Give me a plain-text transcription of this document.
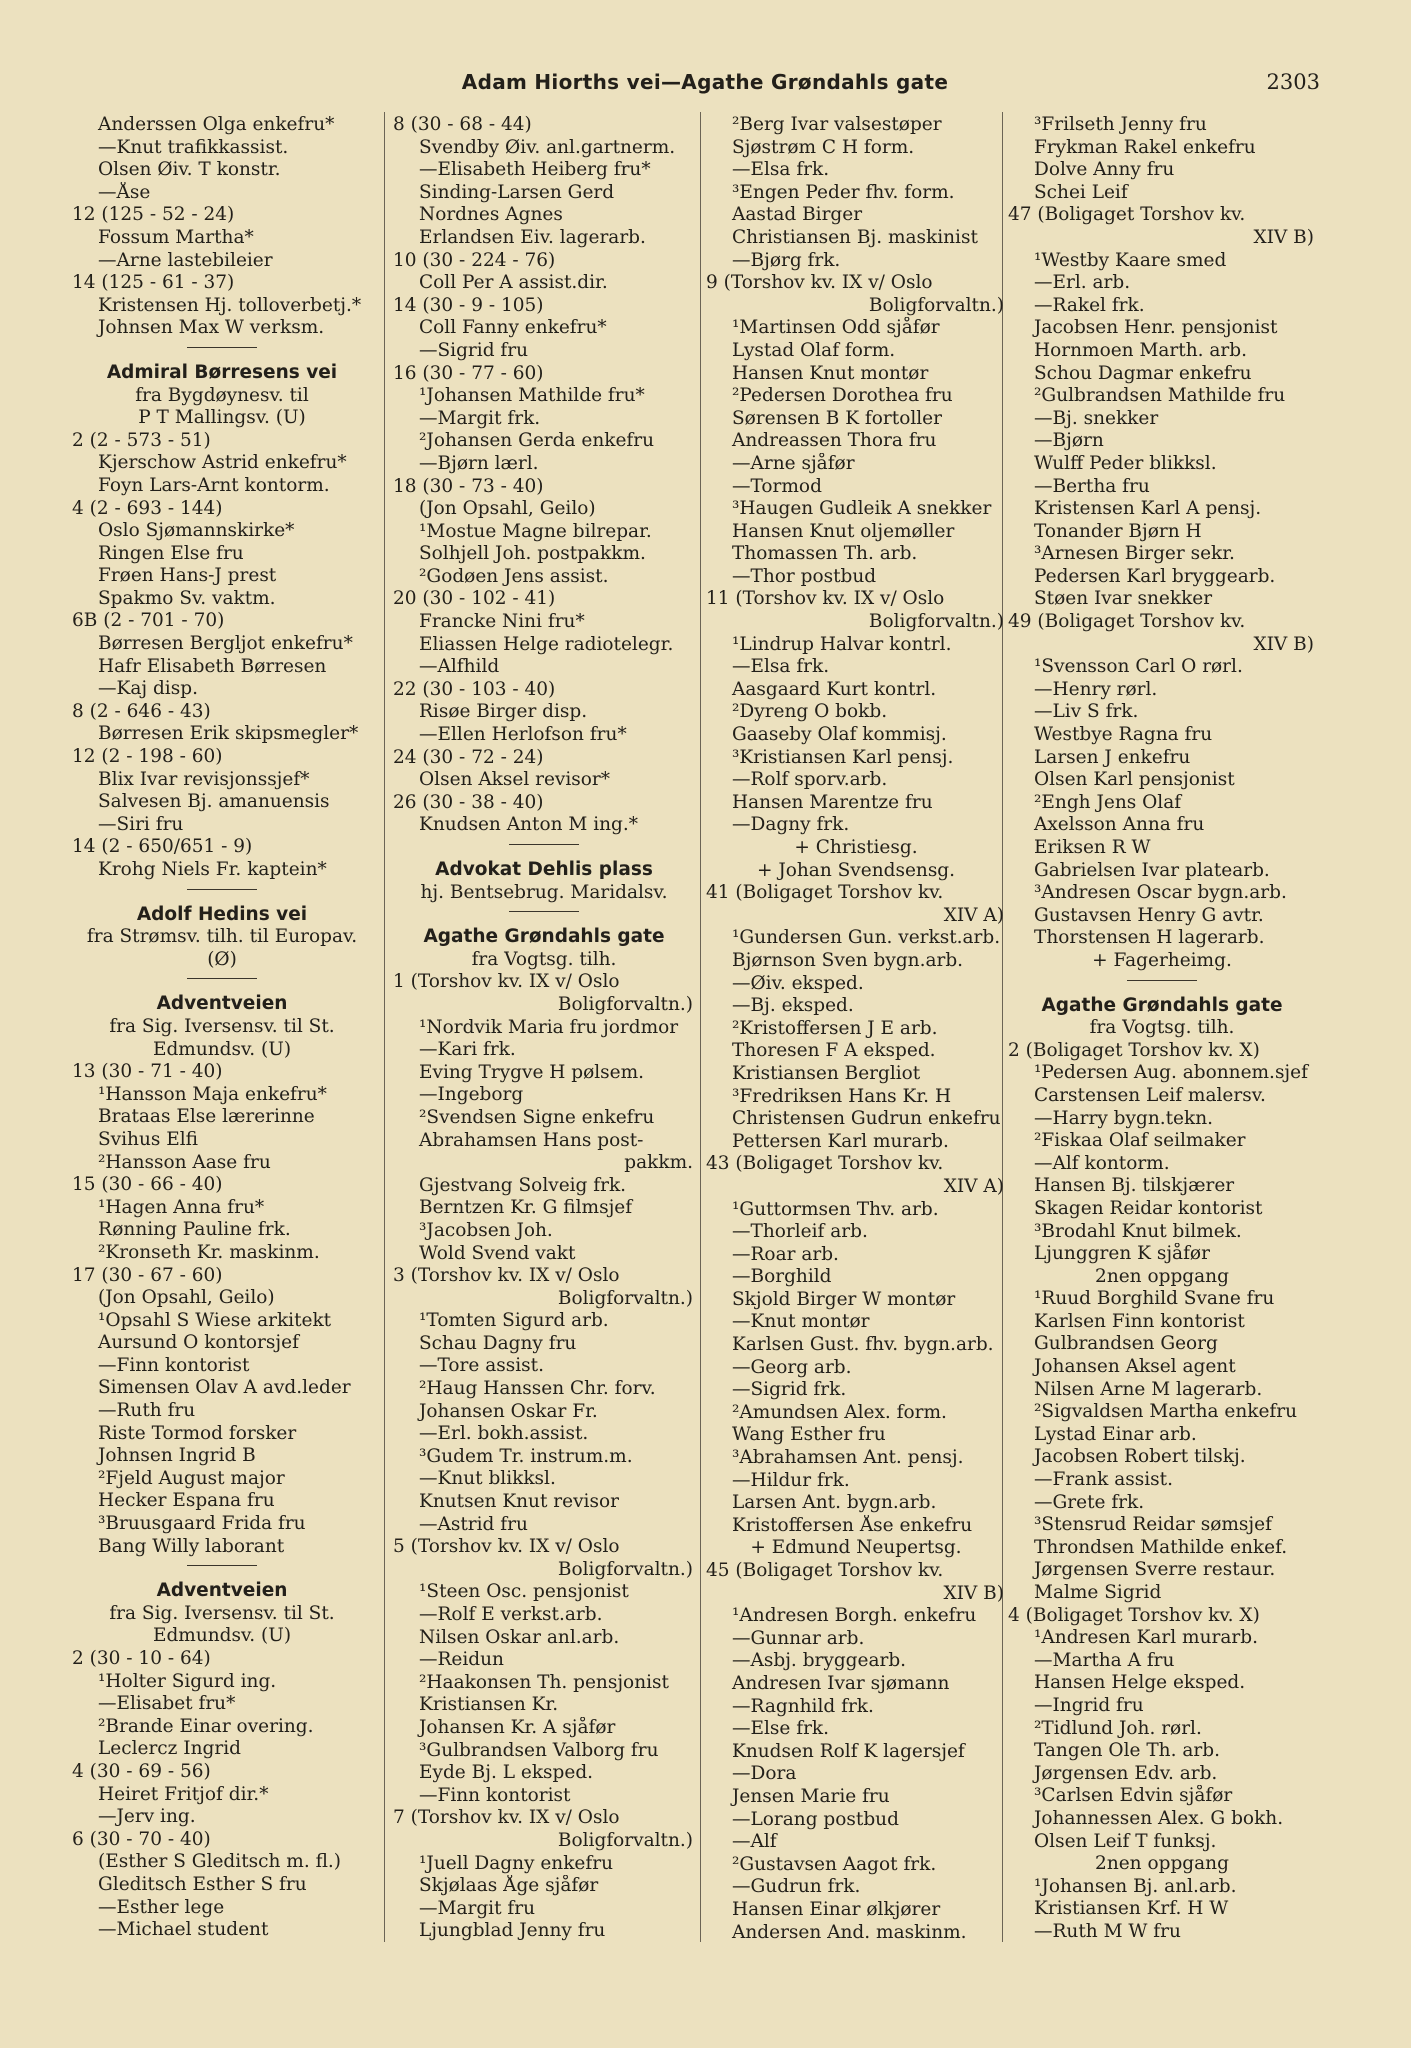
Adam Hiorths vei—Agathe Grøndahls gate	2303
Anderssen Olga enkefru*
—Knut trafikkassist.
Olsen Øiv. T konstr.
—Åse
12 (125 - 52 - 24)
Fossum Martha*
—Arne lastebileier
14 (125 - 61 - 37)
Kristensen Hj. tolloverbetj.*
Johnsen Max W verksm.
Admiral Børresens vei
fra Bygdøynesv. til
P T Mallingsv. (U)
2 (2 - 573 - 51)
Kjerschow Astrid enkefru*
Foyn Lars-Arnt kontorm.
4 (2 - 693 - 144)
Oslo Sjømannskirke*
Ringen Else fru
Frøen Hans-J prest
Spakmo Sv. vaktm.
6B (2 - 701 - 70)
Børresen Bergljot enkefru*
Hafr Elisabeth Børresen
—Kaj disp.
8 (2 - 646 - 43)
Børresen Erik skipsmegler*
12 (2 - 198 - 60)
Blix Ivar revisjonssjef*
Salvesen Bj. amanuensis
—Siri fru
14 (2 - 650/651 - 9)
Krohg Niels Fr. kaptein*
Adolf Hedins vei
fra Strømsv. tilh. til Europav.
(Ø)
Adventveien
fra Sig. Iversensv. til St.
Edmundsv. (U)
13 (30 - 71 - 40)
¹Hansson Maja enkefru*
Brataas Else lærerinne
Svihus Elfi
²Hansson Aase fru
15 (30 - 66 - 40)
¹Hagen Anna fru*
Rønning Pauline frk.
²Kronseth Kr. maskinm.
17 (30 - 67 - 60)
(Jon Opsahl, Geilo)
¹Opsahl S Wiese arkitekt
Aursund O kontorsjef
—Finn kontorist
Simensen Olav A avd.leder
—Ruth fru
Riste Tormod forsker
Johnsen Ingrid B
²Fjeld August major
Hecker Espana fru
³Bruusgaard Frida fru
Bang Willy laborant
Adventveien
fra Sig. Iversensv. til St.
Edmundsv. (U)
2 (30 - 10 - 64)
¹Holter Sigurd ing.
—Elisabet fru*
²Brande Einar overing.
Leclercz Ingrid
4 (30 - 69 - 56)
Heiret Fritjof dir.*
—Jerv ing.
6 (30 - 70 - 40)
(Esther S Gleditsch m. fl.)
Gleditsch Esther S fru
—Esther lege
—Michael student
8 (30 - 68 - 44)
Svendby Øiv. anl.gartnerm.
—Elisabeth Heiberg fru*
Sinding-Larsen Gerd
Nordnes Agnes
Erlandsen Eiv. lagerarb.
10 (30 - 224 - 76)
Coll Per A assist.dir.
14 (30 - 9 - 105)
Coll Fanny enkefru*
—Sigrid fru
16 (30 - 77 - 60)
¹Johansen Mathilde fru*
—Margit frk.
²Johansen Gerda enkefru
—Bjørn lærl.
18 (30 - 73 - 40)
(Jon Opsahl, Geilo)
¹Mostue Magne bilrepar.
Solhjell Joh. postpakkm.
²Godøen Jens assist.
20 (30 - 102 - 41)
Francke Nini fru*
Eliassen Helge radiotelegr.
—Alfhild
22 (30 - 103 - 40)
Risøe Birger disp.
—Ellen Herlofson fru*
24 (30 - 72 - 24)
Olsen Aksel revisor*
26 (30 - 38 - 40)
Knudsen Anton M ing.*
Advokat Dehlis plass
hj. Bentsebrug. Maridalsv.
Agathe Grøndahls gate
fra Vogtsg. tilh.
1 (Torshov kv. IX v/ Oslo
Boligforvaltn.)
¹Nordvik Maria fru jordmor
—Kari frk.
Eving Trygve H pølsem.
—Ingeborg
²Svendsen Signe enkefru
Abrahamsen Hans post-
pakkm.
Gjestvang Solveig frk.
Berntzen Kr. G filmsjef
³Jacobsen Joh.
Wold Svend vakt
3 (Torshov kv. IX v/ Oslo
Boligforvaltn.)
¹Tomten Sigurd arb.
Schau Dagny fru
—Tore assist.
²Haug Hanssen Chr. forv.
Johansen Oskar Fr.
—Erl. bokh.assist.
³Gudem Tr. instrum.m.
—Knut blikksl.
Knutsen Knut revisor
—Astrid fru
5 (Torshov kv. IX v/ Oslo
Boligforvaltn.)
¹Steen Osc. pensjonist
—Rolf E verkst.arb.
Nilsen Oskar anl.arb.
—Reidun
²Haakonsen Th. pensjonist
Kristiansen Kr.
Johansen Kr. A sjåfør
³Gulbrandsen Valborg fru
Eyde Bj. L eksped.
—Finn kontorist
7 (Torshov kv. IX v/ Oslo
Boligforvaltn.)
¹Juell Dagny enkefru
Skjølaas Åge sjåfør
—Margit fru
Ljungblad Jenny fru
²Berg Ivar valsestøper
Sjøstrøm C H form.
—Elsa frk.
³Engen Peder fhv. form.
Aastad Birger
Christiansen Bj. maskinist
—Bjørg frk.
9 (Torshov kv. IX v/ Oslo
Boligforvaltn.)
¹Martinsen Odd sjåfør
Lystad Olaf form.
Hansen Knut montør
²Pedersen Dorothea fru
Sørensen B K fortoller
Andreassen Thora fru
—Arne sjåfør
—Tormod
³Haugen Gudleik A snekker
Hansen Knut oljemøller
Thomassen Th. arb.
—Thor postbud
11 (Torshov kv. IX v/ Oslo
Boligforvaltn.)
¹Lindrup Halvar kontrl.
—Elsa frk.
Aasgaard Kurt kontrl.
²Dyreng O bokb.
Gaaseby Olaf kommisj.
³Kristiansen Karl pensj.
—Rolf sporv.arb.
Hansen Marentze fru
—Dagny frk.
+ Christiesg.
+ Johan Svendsensg.
41 (Boligaget Torshov kv.
XIV A)
¹Gundersen Gun. verkst.arb.
Bjørnson Sven bygn.arb.
—Øiv. eksped.
—Bj. eksped.
²Kristoffersen J E arb.
Thoresen F A eksped.
Kristiansen Bergliot
³Fredriksen Hans Kr. H
Christensen Gudrun enkefru
Pettersen Karl murarb.
43 (Boligaget Torshov kv.
XIV A)
¹Guttormsen Thv. arb.
—Thorleif arb.
—Roar arb.
—Borghild
Skjold Birger W montør
—Knut montør
Karlsen Gust. fhv. bygn.arb.
—Georg arb.
—Sigrid frk.
²Amundsen Alex. form.
Wang Esther fru
³Abrahamsen Ant. pensj.
—Hildur frk.
Larsen Ant. bygn.arb.
Kristoffersen Åse enkefru
+ Edmund Neupertsg.
45 (Boligaget Torshov kv.
XIV B)
¹Andresen Borgh. enkefru
—Gunnar arb.
—Asbj. bryggearb.
Andresen Ivar sjømann
—Ragnhild frk.
—Else frk.
Knudsen Rolf K lagersjef
—Dora
Jensen Marie fru
—Lorang postbud
—Alf
²Gustavsen Aagot frk.
—Gudrun frk.
Hansen Einar ølkjører
Andersen And. maskinm.
³Frilseth Jenny fru
Frykman Rakel enkefru
Dolve Anny fru
Schei Leif
47 (Boligaget Torshov kv.
XIV B)
¹Westby Kaare smed
—Erl. arb.
—Rakel frk.
Jacobsen Henr. pensjonist
Hornmoen Marth. arb.
Schou Dagmar enkefru
²Gulbrandsen Mathilde fru
—Bj. snekker
—Bjørn
Wulff Peder blikksl.
—Bertha fru
Kristensen Karl A pensj.
Tonander Bjørn H
³Arnesen Birger sekr.
Pedersen Karl bryggearb.
Støen Ivar snekker
49 (Boligaget Torshov kv.
XIV B)
¹Svensson Carl O rørl.
—Henry rørl.
—Liv S frk.
Westbye Ragna fru
Larsen J enkefru
Olsen Karl pensjonist
²Engh Jens Olaf
Axelsson Anna fru
Eriksen R W
Gabrielsen Ivar platearb.
³Andresen Oscar bygn.arb.
Gustavsen Henry G avtr.
Thorstensen H lagerarb.
+ Fagerheimg.
Agathe Grøndahls gate
fra Vogtsg. tilh.
2 (Boligaget Torshov kv. X)
¹Pedersen Aug. abonnem.sjef
Carstensen Leif malersv.
—Harry bygn.tekn.
²Fiskaa Olaf seilmaker
—Alf kontorm.
Hansen Bj. tilskjærer
Skagen Reidar kontorist
³Brodahl Knut bilmek.
Ljunggren K sjåfør
2nen oppgang
¹Ruud Borghild Svane fru
Karlsen Finn kontorist
Gulbrandsen Georg
Johansen Aksel agent
Nilsen Arne M lagerarb.
²Sigvaldsen Martha enkefru
Lystad Einar arb.
Jacobsen Robert tilskj.
—Frank assist.
—Grete frk.
³Stensrud Reidar sømsjef
Throndsen Mathilde enkef.
Jørgensen Sverre restaur.
Malme Sigrid
4 (Boligaget Torshov kv. X)
¹Andresen Karl murarb.
—Martha A fru
Hansen Helge eksped.
—Ingrid fru
²Tidlund Joh. rørl.
Tangen Ole Th. arb.
Jørgensen Edv. arb.
³Carlsen Edvin sjåfør
Johannessen Alex. G bokh.
Olsen Leif T funksj.
2nen oppgang
¹Johansen Bj. anl.arb.
Kristiansen Krf. H W
—Ruth M W fru
